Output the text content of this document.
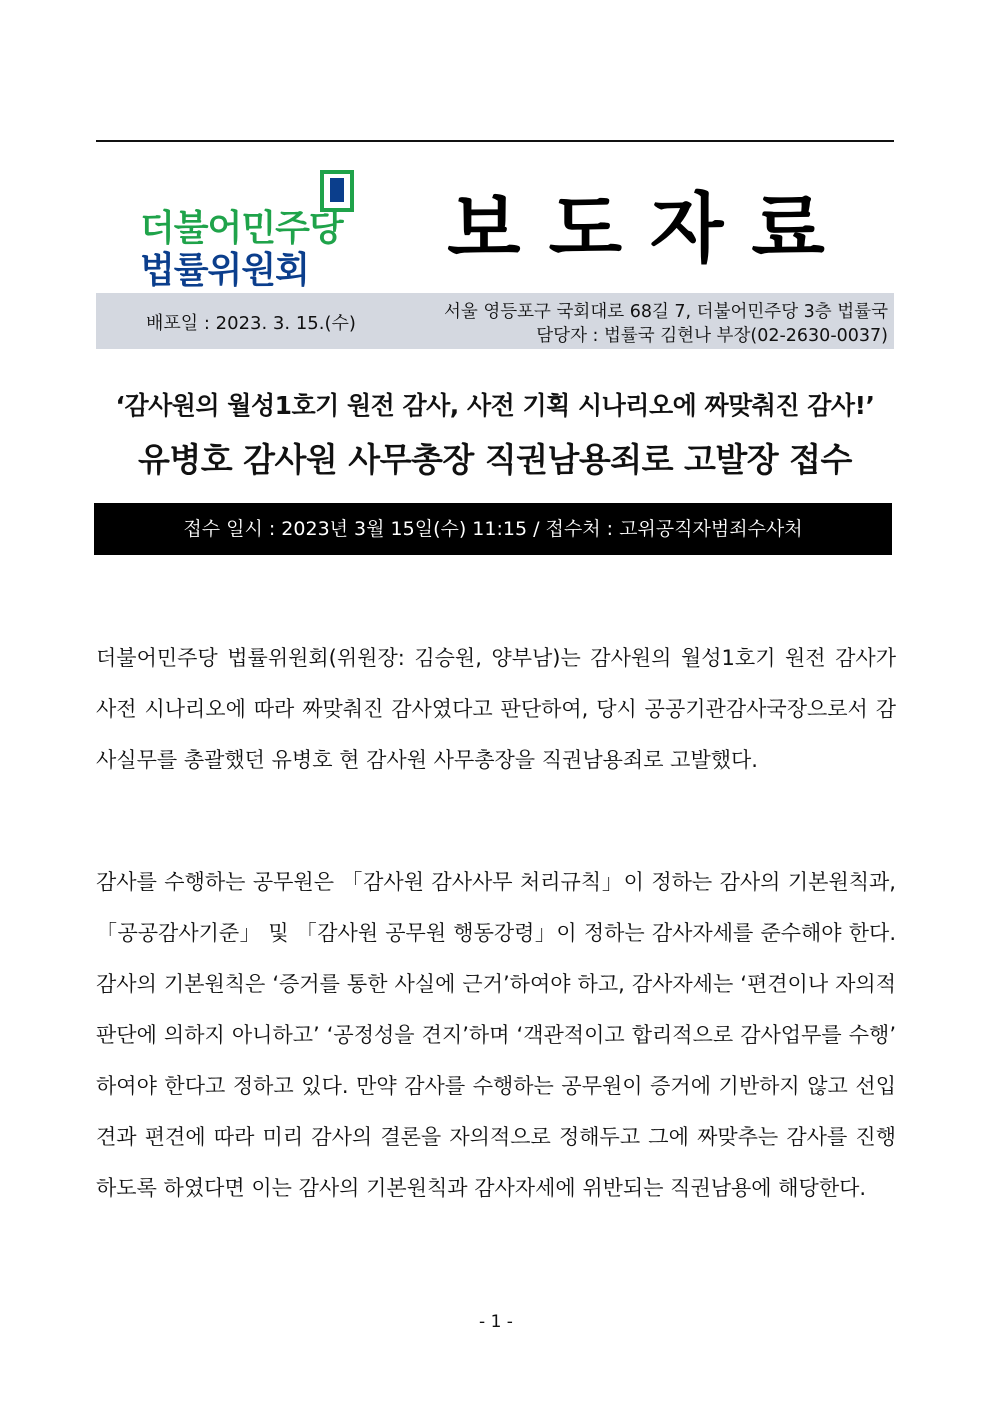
더불어민주당
법률위원회 보도자료
배포일 : 2023. 3. 15.(수)
서울 영등포구 국회대로 68길 7, 더불어민주당 3층 법률국
담당자 : 법률국 김현나 부장(02-2630-0037)
‘감사원의 월성1호기 원전 감사, 사전 기획 시나리오에 짜맞춰진 감사!’
유병호 감사원 사무총장 직권남용죄로 고발장 접수
접수 일시 : 2023년 3월 15일(수) 11:15 / 접수처 : 고위공직자범죄수사처
더불어민주당 법률위원회(위원장: 김승원, 양부남)는 감사원의 월성1호기 원전 감사가 사전 시나리오에 따라 짜맞춰진 감사였다고 판단하여, 당시 공공기관감사국장으로서 감사실무를 총괄했던 유병호 현 감사원 사무총장을 직권남용죄로 고발했다.
감사를 수행하는 공무원은 「감사원 감사사무 처리규칙」이 정하는 감사의 기본원칙과, 「공공감사기준」 및 「감사원 공무원 행동강령」이 정하는 감사자세를 준수해야 한다. 감사의 기본원칙은 ‘증거를 통한 사실에 근거’하여야 하고, 감사자세는 ‘편견이나 자의적 판단에 의하지 아니하고’ ‘공정성을 견지’하며 ‘객관적이고 합리적으로 감사업무를 수행’ 하여야 한다고 정하고 있다. 만약 감사를 수행하는 공무원이 증거에 기반하지 않고 선입견과 편견에 따라 미리 감사의 결론을 자의적으로 정해두고 그에 짜맞추는 감사를 진행하도록 하였다면 이는 감사의 기본원칙과 감사자세에 위반되는 직권남용에 해당한다.
- 1 -
